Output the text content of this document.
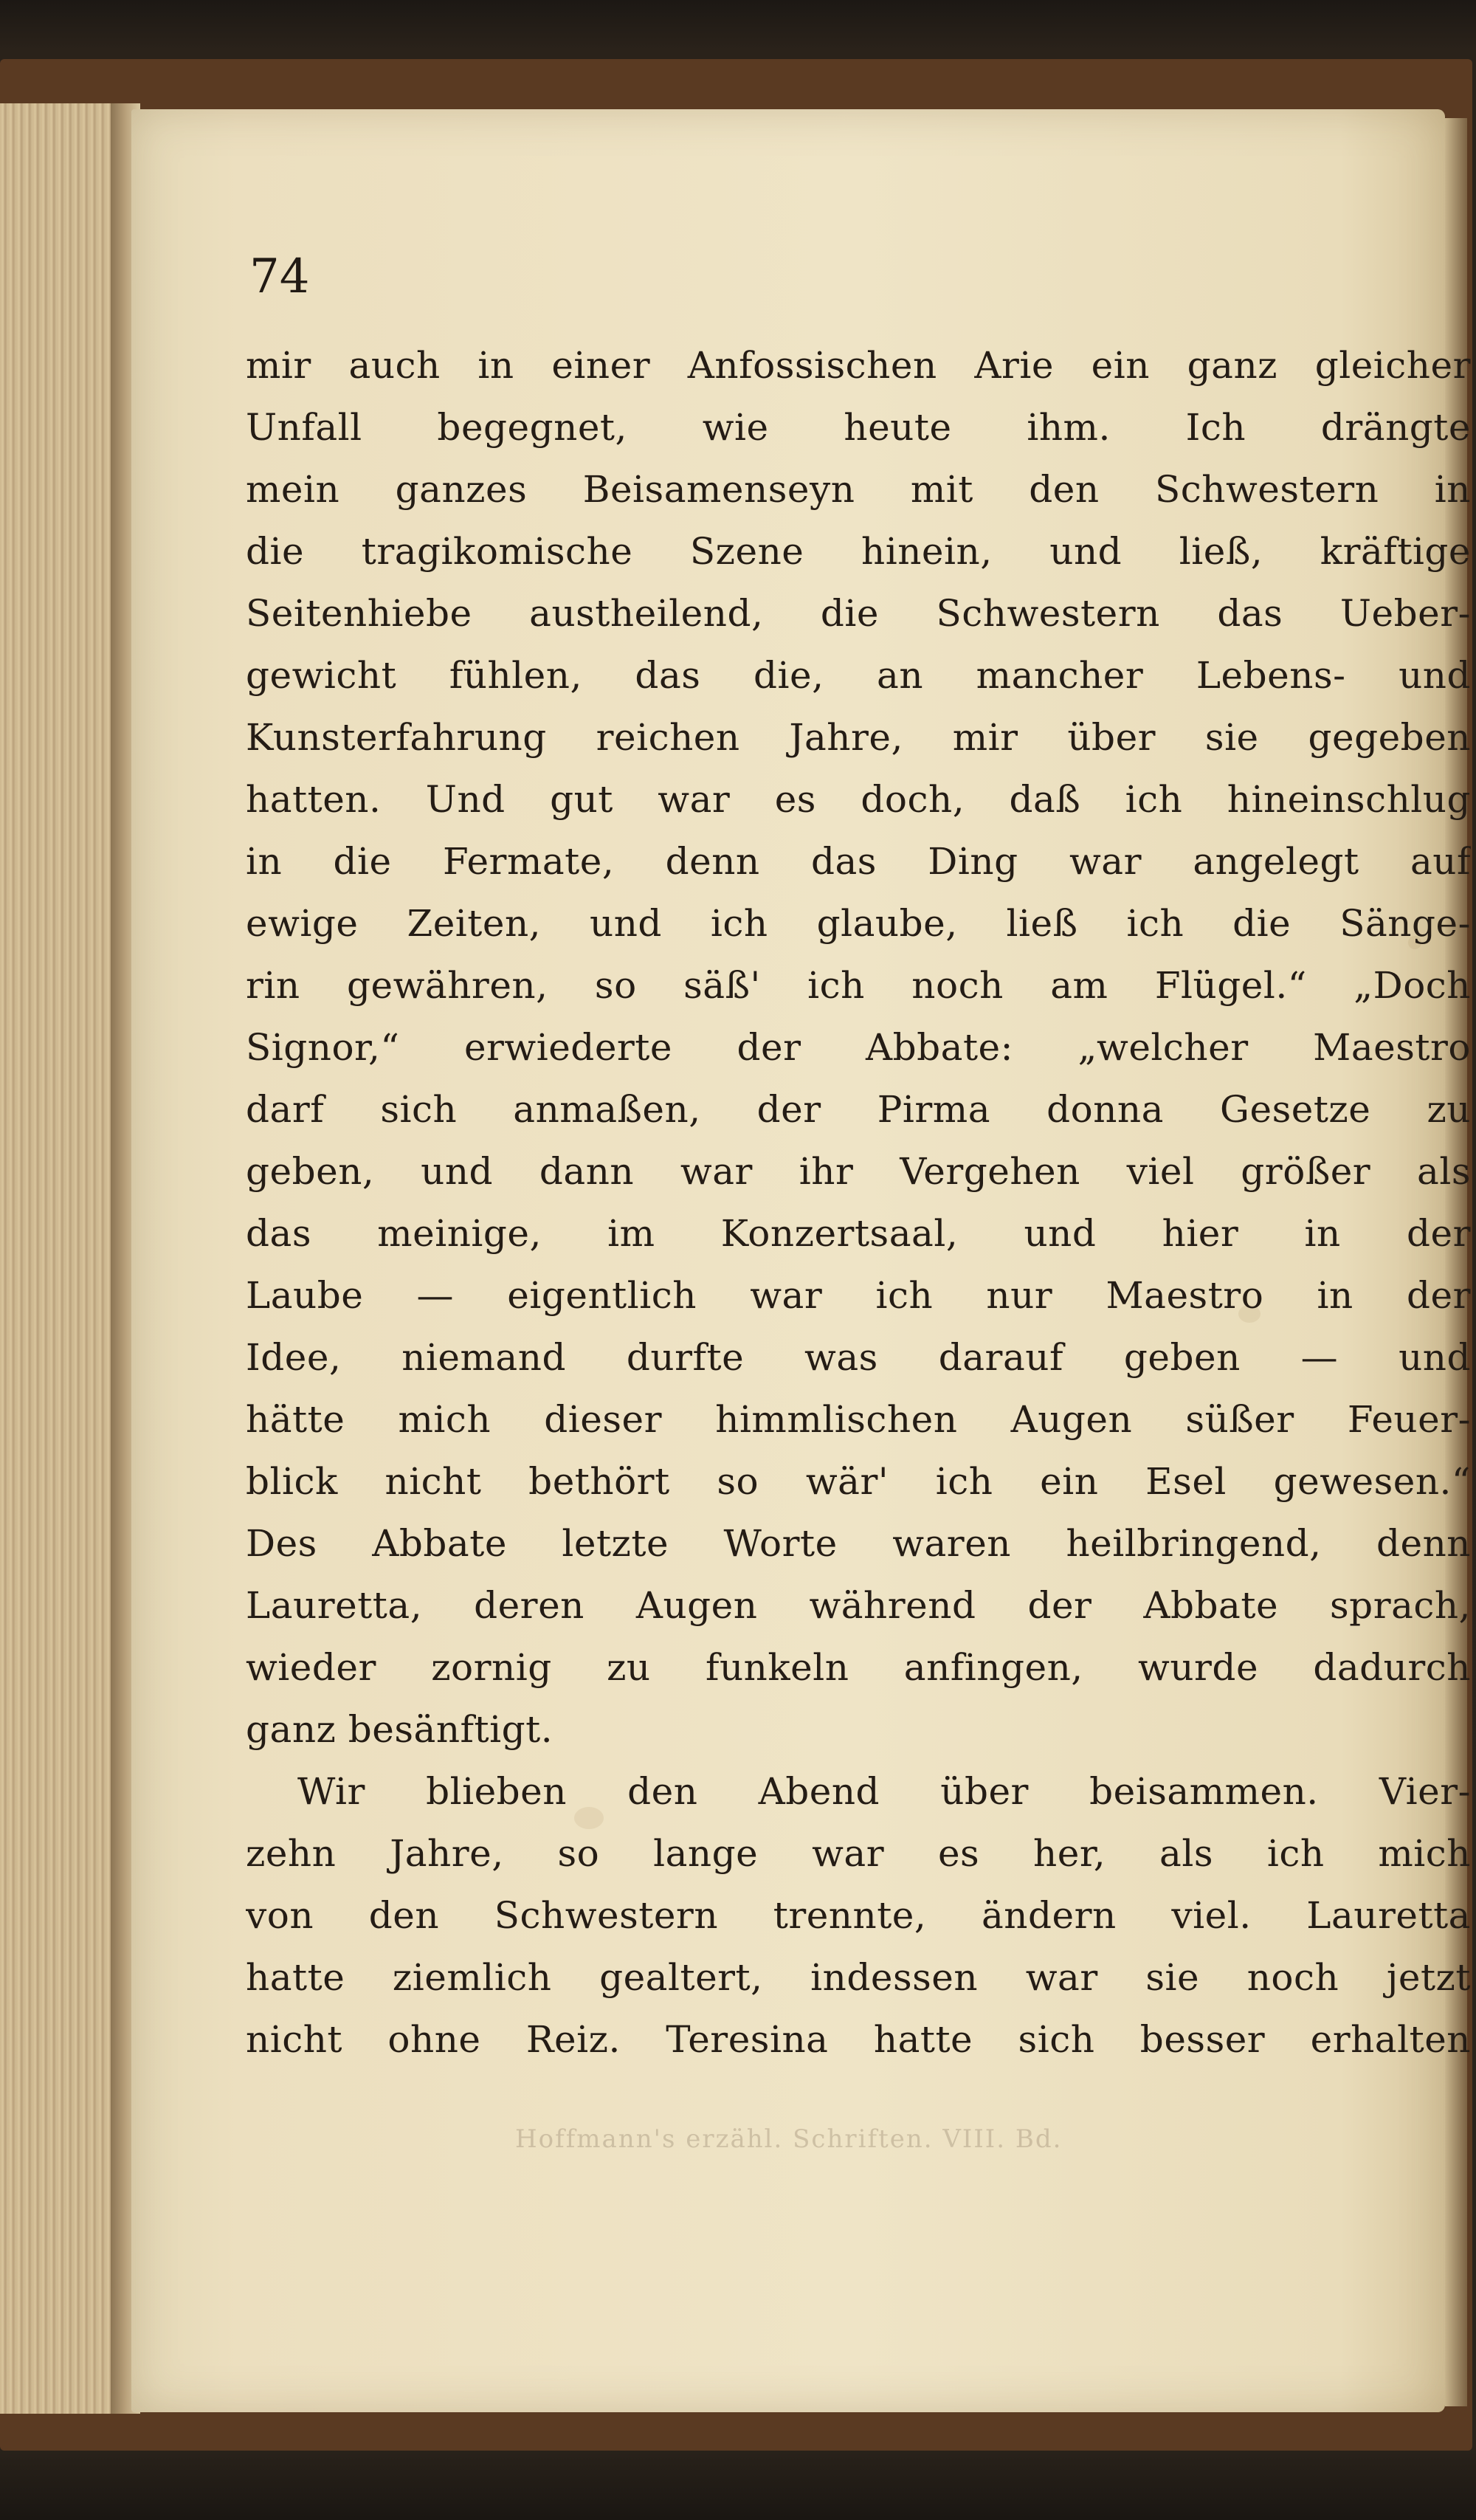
74
mir auch in einer Anfossischen Arie ein ganz gleicher
Unfall begegnet, wie heute ihm. Ich drängte
mein ganzes Beisamenseyn mit den Schwestern in
die tragikomische Szene hinein, und ließ, kräftige
Seitenhiebe austheilend, die Schwestern das Ueber-
gewicht fühlen, das die, an mancher Lebens- und
Kunsterfahrung reichen Jahre, mir über sie gegeben
hatten. Und gut war es doch, daß ich hineinschlug
in die Fermate, denn das Ding war angelegt auf
ewige Zeiten, und ich glaube, ließ ich die Sänge-
rin gewähren, so säß' ich noch am Flügel.“ „Doch
Signor,“ erwiederte der Abbate: „welcher Maestro
darf sich anmaßen, der Pirma donna Gesetze zu
geben, und dann war ihr Vergehen viel größer als
das meinige, im Konzertsaal, und hier in der
Laube — eigentlich war ich nur Maestro in der
Idee, niemand durfte was darauf geben — und
hätte mich dieser himmlischen Augen süßer Feuer-
blick nicht bethört so wär' ich ein Esel gewesen.“
Des Abbate letzte Worte waren heilbringend, denn
Lauretta, deren Augen während der Abbate sprach,
wieder zornig zu funkeln anfingen, wurde dadurch
ganz besänftigt.
Wir blieben den Abend über beisammen. Vier-
zehn Jahre, so lange war es her, als ich mich
von den Schwestern trennte, ändern viel. Lauretta
hatte ziemlich gealtert, indessen war sie noch jetzt
nicht ohne Reiz. Teresina hatte sich besser erhalten
Hoffmann's erzähl. Schriften. VIII. Bd.
